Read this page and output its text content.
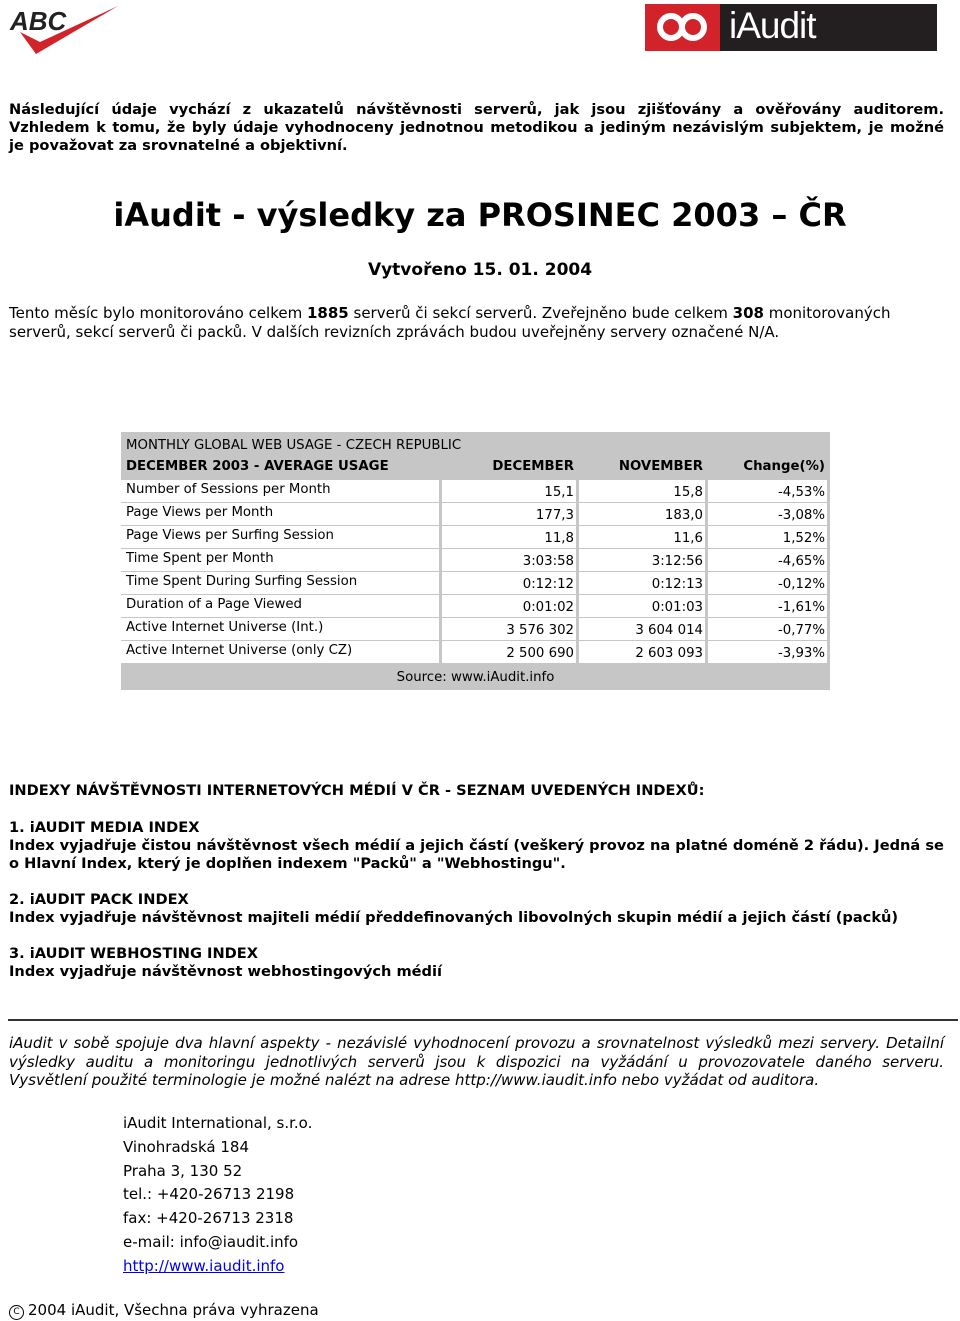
ABC	iAudit
Následující údaje vychází z ukazatelů návštěvnosti serverů, jak jsou zjišťovány a ověřovány auditorem. Vzhledem k tomu, že byly údaje vyhodnoceny jednotnou metodikou a jediným nezávislým subjektem, je možné je považovat za srovnatelné a objektivní.
iAudit - výsledky za PROSINEC 2003 – ČR
Vytvořeno 15. 01. 2004
Tento měsíc bylo monitorováno celkem 1885 serverů či sekcí serverů. Zveřejněno bude celkem 308 monitorovaných serverů, sekcí serverů či packů. V dalších revizních zprávách budou uveřejněny servery označené N/A.
MONTHLY GLOBAL WEB USAGE - CZECH REPUBLIC
DECEMBER 2003 - AVERAGE USAGE	DECEMBER	NOVEMBER	Change(%)
Number of Sessions per Month	15,1	15,8	-4,53%
Page Views per Month	177,3	183,0	-3,08%
Page Views per Surfing Session	11,8	11,6	1,52%
Time Spent per Month	3:03:58	3:12:56	-4,65%
Time Spent During Surfing Session	0:12:12	0:12:13	-0,12%
Duration of a Page Viewed	0:01:02	0:01:03	-1,61%
Active Internet Universe (Int.)	3 576 302	3 604 014	-0,77%
Active Internet Universe (only CZ)	2 500 690	2 603 093	-3,93%
Source: www.iAudit.info
INDEXY NÁVŠTĚVNOSTI INTERNETOVÝCH MÉDIÍ V ČR - SEZNAM UVEDENÝCH INDEXŮ:
1. iAUDIT MEDIA INDEX
Index vyjadřuje čistou návštěvnost všech médií a jejich částí (veškerý provoz na platné doméně 2 řádu). Jedná se o Hlavní Index, který je doplňen indexem "Packů" a "Webhostingu".
2. iAUDIT PACK INDEX
Index vyjadřuje návštěvnost majiteli médií předdefinovaných libovolných skupin médií a jejich částí (packů)
3. iAUDIT WEBHOSTING INDEX
Index vyjadřuje návštěvnost webhostingových médií
iAudit v sobě spojuje dva hlavní aspekty - nezávislé vyhodnocení provozu a srovnatelnost výsledků mezi servery. Detailní výsledky auditu a monitoringu jednotlivých serverů jsou k dispozici na vyžádání u provozovatele daného serveru. Vysvětlení použité terminologie je možné nalézt na adrese http://www.iaudit.info nebo vyžádat od auditora.
iAudit International, s.r.o.
Vinohradská 184
Praha 3, 130 52
tel.: +420-26713 2198
fax: +420-26713 2318
e-mail: info@iaudit.info
http://www.iaudit.info
C 2004 iAudit, Všechna práva vyhrazena
